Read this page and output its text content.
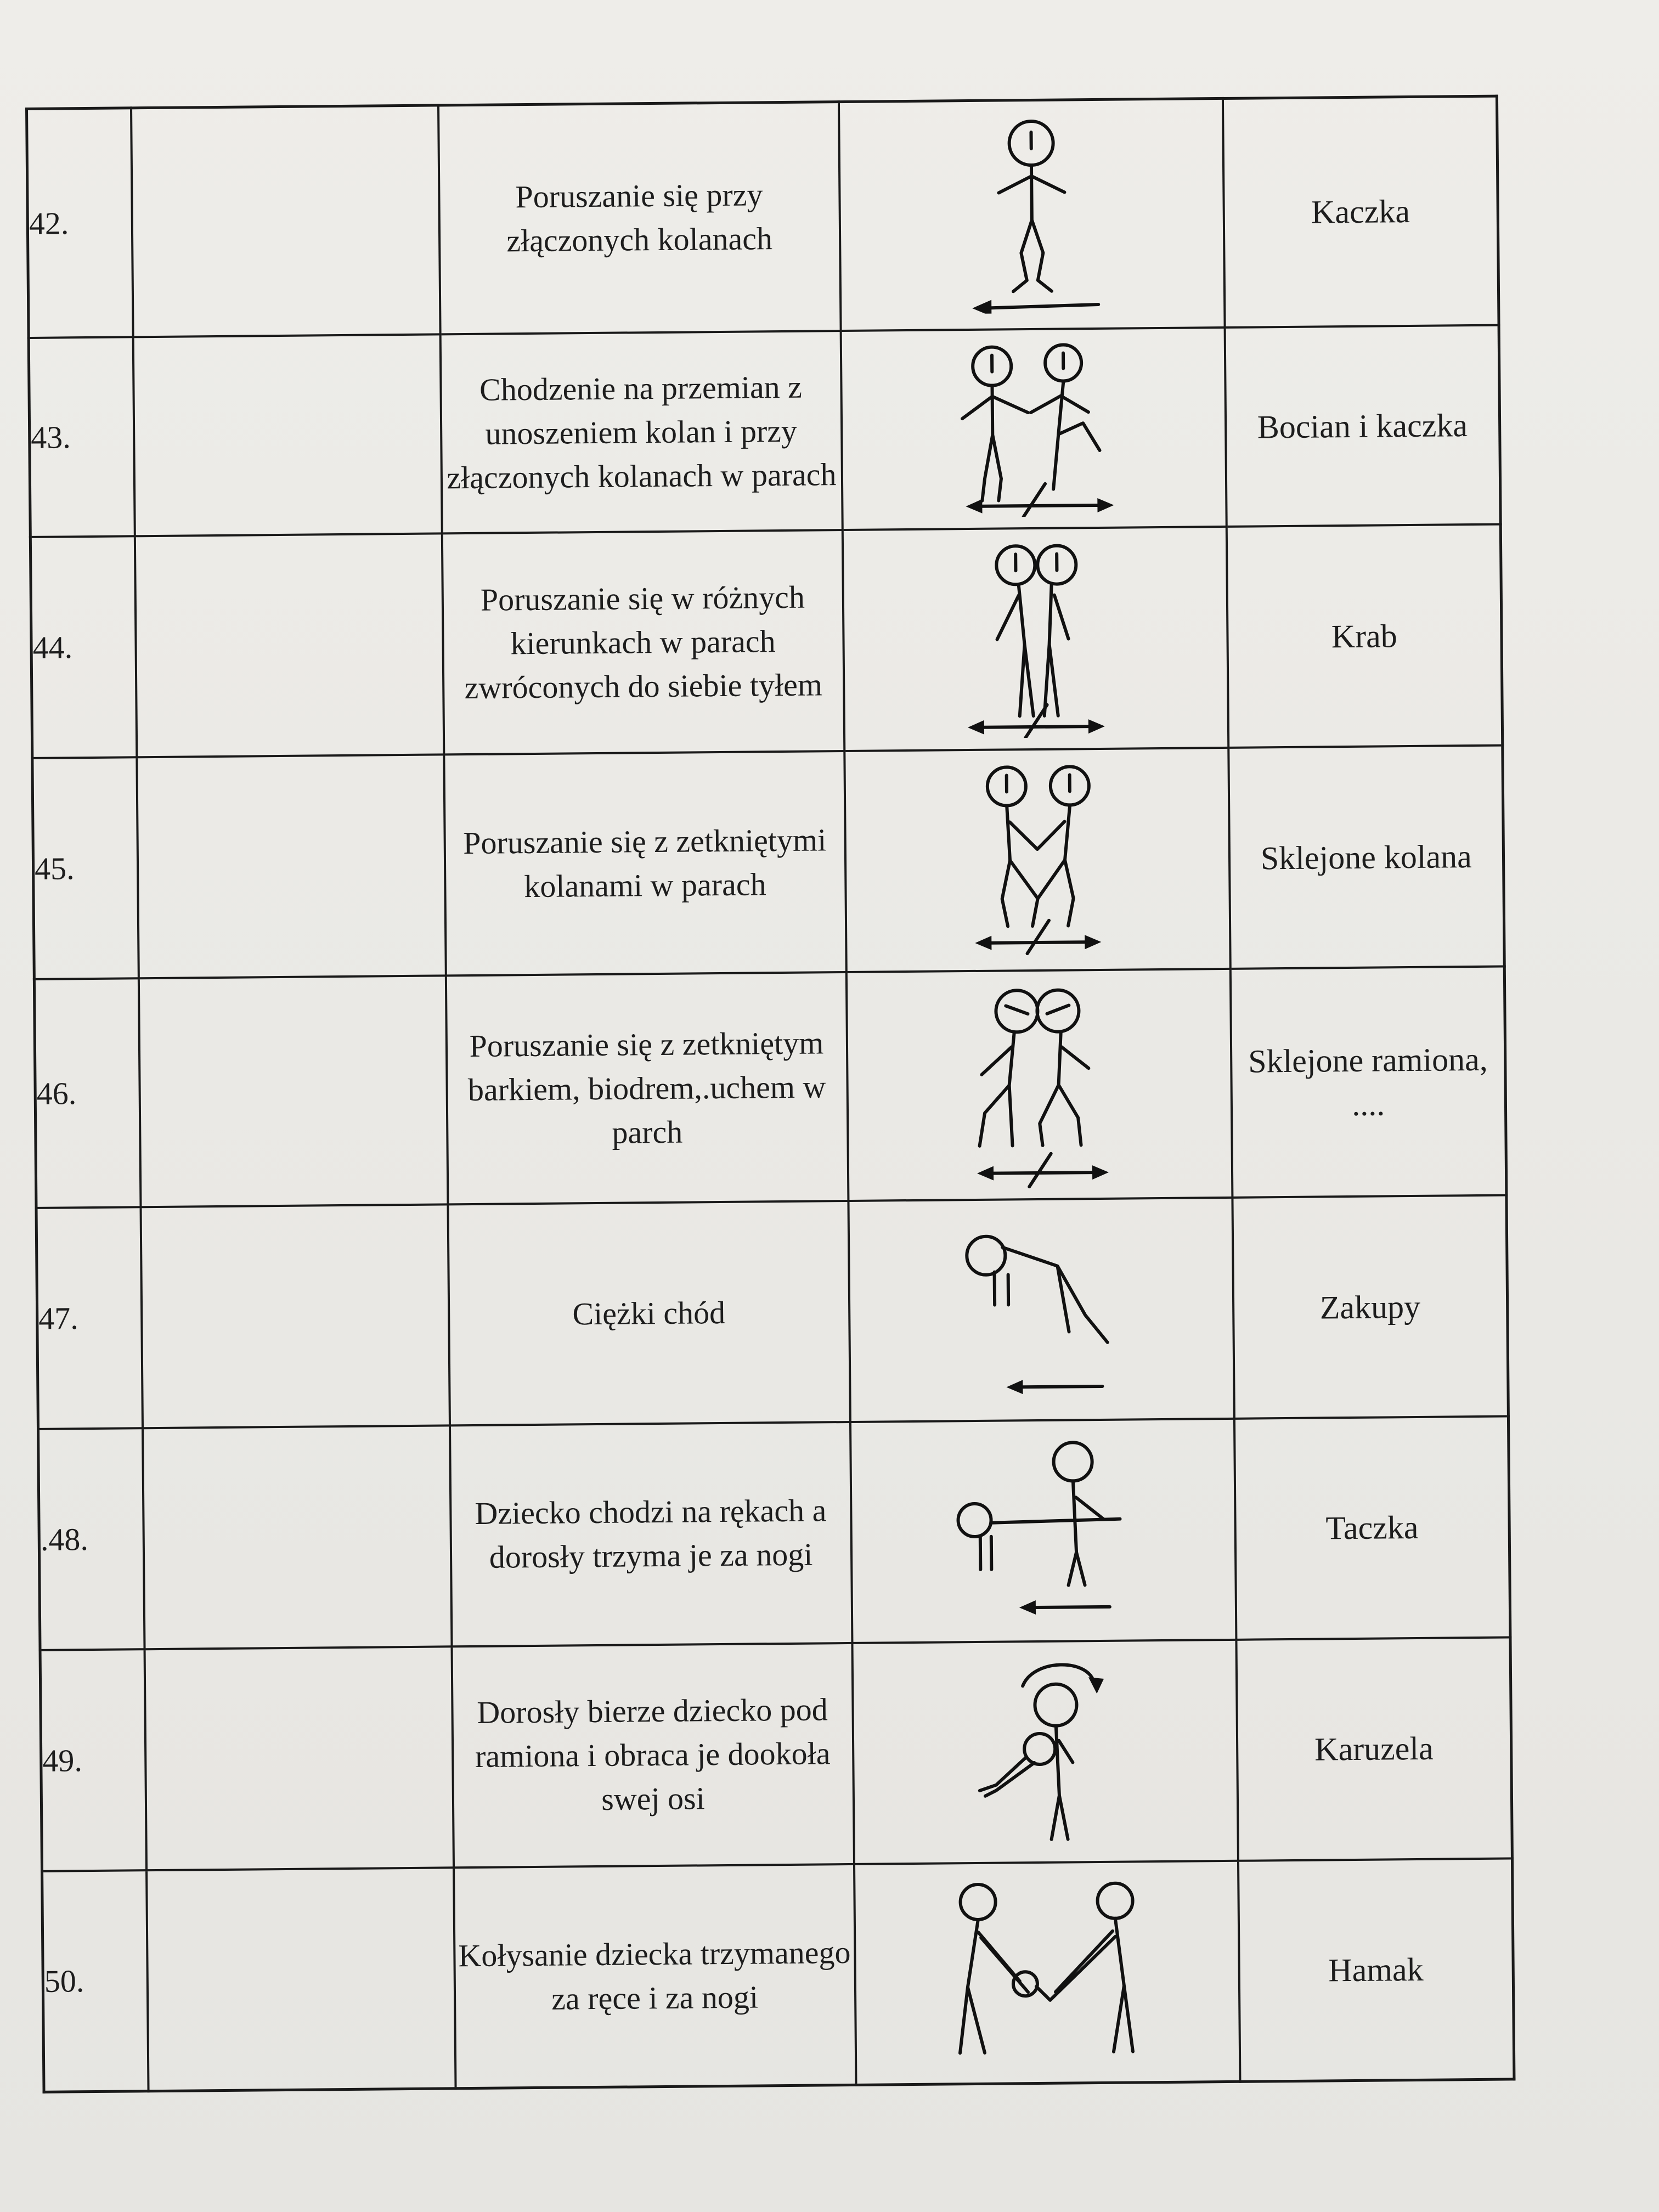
42.		Poruszanie się przy złączonych kolanach		Kaczka
43.		Chodzenie na przemian z unoszeniem kolan i przy złączonych kolanach w parach		Bocian i kaczka
44.		Poruszanie się w różnych kierunkach w parach zwróconych do siebie tyłem		Krab
45.		Poruszanie się z zetkniętymi kolanami w parach		Sklejone kolana
46.		Poruszanie się z zetkniętym barkiem, biodrem,.uchem w parch		Sklejone ramiona, ....
47.		Ciężki chód		Zakupy
.48.		Dziecko chodzi na rękach a dorosły trzyma je za nogi		Taczka
49.		Dorosły bierze dziecko pod ramiona i obraca je dookoła swej osi		Karuzela
50.		Kołysanie dziecka trzymanego za ręce i za nogi		Hamak
